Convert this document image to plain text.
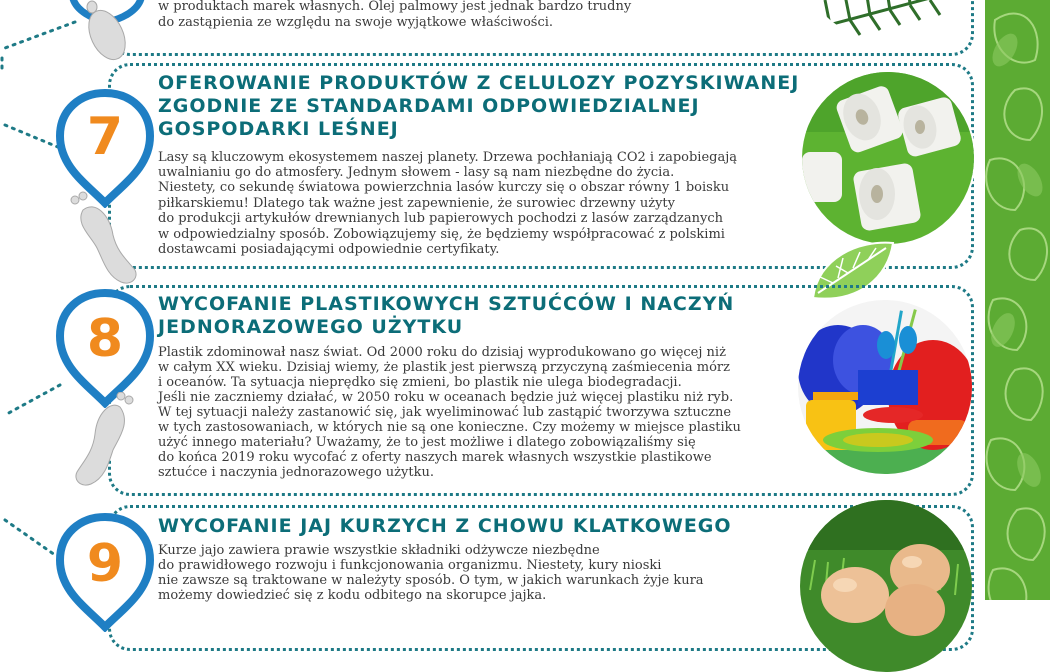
w produktach marek własnych. Olej palmowy jest jednak bardzo trudny

do zastąpienia ze względu na swoje wyjątkowe właściwości.

7
OFEROWANIE PRODUKTÓW Z CELULOZY POZYSKIWANEJ
ZGODNIE ZE STANDARDAMI ODPOWIEDZIALNEJ
GOSPODARKI LEŚNEJ

Lasy są kluczowym ekosystemem naszej planety. Drzewa pochłaniają CO2 i zapobiegają

uwalnianiu go do atmosfery. Jednym słowem - lasy są nam niezbędne do życia.

Niestety, co sekundę światowa powierzchnia lasów kurczy się o obszar równy 1 boisku

piłkarskiemu! Dlatego tak ważne jest zapewnienie, że surowiec drzewny użyty

do produkcji artykułów drewnianych lub papierowych pochodzi z lasów zarządzanych

w odpowiedzialny sposób. Zobowiązujemy się, że będziemy współpracować z polskimi

dostawcami posiadającymi odpowiednie certyfikaty.

8
WYCOFANIE PLASTIKOWYCH SZTUĆCÓW I NACZYŃ
JEDNORAZOWEGO UŻYTKU

Plastik zdominował nasz świat. Od 2000 roku do dzisiaj wyprodukowano go więcej niż

w całym XX wieku. Dzisiaj wiemy, że plastik jest pierwszą przyczyną zaśmiecenia mórz

i oceanów. Ta sytuacja nieprędko się zmieni, bo plastik nie ulega biodegradacji.

Jeśli nie zaczniemy działać, w 2050 roku w oceanach będzie już więcej plastiku niż ryb.

W tej sytuacji należy zastanowić się, jak wyeliminować lub zastąpić tworzywa sztuczne

w tych zastosowaniach, w których nie są one konieczne. Czy możemy w miejsce plastiku

użyć innego materiału? Uważamy, że to jest możliwe i dlatego zobowiązaliśmy się

do końca 2019 roku wycofać z oferty naszych marek własnych wszystkie plastikowe

sztućce i naczynia jednorazowego użytku.

9
WYCOFANIE JAJ KURZYCH Z CHOWU KLATKOWEGO

Kurze jajo zawiera prawie wszystkie składniki odżywcze niezbędne

do prawidłowego rozwoju i funkcjonowania organizmu. Niestety, kury nioski

nie zawsze są traktowane w należyty sposób. O tym, w jakich warunkach żyje kura

możemy dowiedzieć się z kodu odbitego na skorupce jajka.
